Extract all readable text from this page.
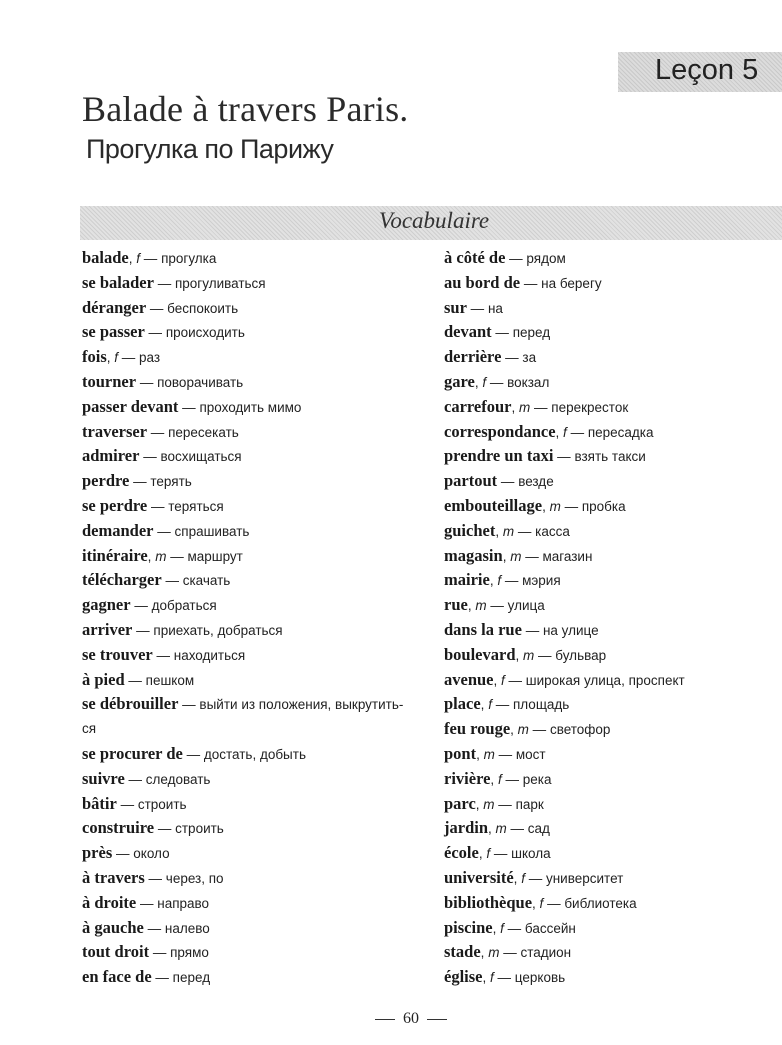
Leçon 5
Balade à travers Paris.
Прогулка по Парижу
Vocabulaire
balade, f — прогулка
se balader — прогуливаться
déranger — беспокоить
se passer — происходить
fois, f — раз
tourner — поворачивать
passer devant — проходить мимо
traverser — пересекать
admirer — восхищаться
perdre — терять
se perdre — теряться
demander — спрашивать
itinéraire, m — маршрут
télécharger — скачать
gagner — добраться
arriver — приехать, добраться
se trouver — находиться
à pied — пешком
se débrouiller — выйти из положения, выкрутить-
ся
se procurer de — достать, добыть
suivre — следовать
bâtir — строить
construire — строить
près — около
à travers — через, по
à droite — направо
à gauche — налево
tout droit — прямо
en face de — перед
à côté de — рядом
au bord de — на берегу
sur — на
devant — перед
derrière — за
gare, f — вокзал
carrefour, m — перекресток
correspondance, f — пересадка
prendre un taxi — взять такси
partout — везде
embouteillage, m — пробка
guichet, m — касса
magasin, m — магазин
mairie, f — мэрия
rue, m — улица
dans la rue — на улице
boulevard, m — бульвар
avenue, f — широкая улица, проспект
place, f — площадь
feu rouge, m — светофор
pont, m — мост
rivière, f — река
parc, m — парк
jardin, m — сад
école, f — школа
université, f — университет
bibliothèque, f — библиотека
piscine, f — бассейн
stade, m — стадион
église, f — церковь
60
